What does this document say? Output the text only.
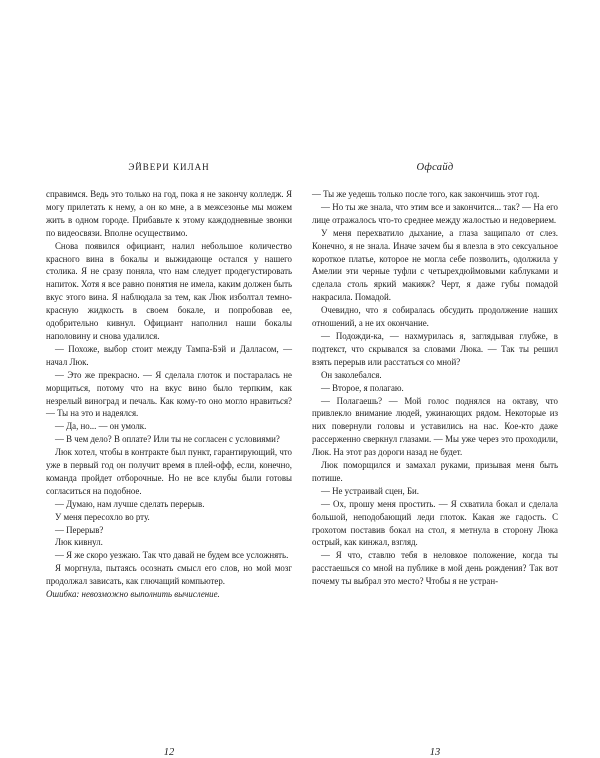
ЭЙВЕРИ КИЛАН

справимся. Ведь это только на год, пока я не закончу колледж. Я могу прилетать к нему, а он ко мне, а в межсезонье мы можем жить в одном городе. Прибавьте к этому каждодневные звонки по видеосвязи. Вполне осуществимо.

Снова появился официант, налил небольшое количество красного вина в бокалы и выжидающе остался у нашего столика. Я не сразу поняла, что нам следует продегустировать напиток. Хотя я все равно понятия не имела, каким должен быть вкус этого вина. Я наблюдала за тем, как Люк изболтал темно-красную жидкость в своем бокале, и попробовав ее, одобрительно кивнул. Официант наполнил наши бокалы наполовину и снова удалился.

— Похоже, выбор стоит между Тампа-Бэй и Далласом, — начал Люк.

— Это же прекрасно. — Я сделала глоток и постаралась не морщиться, потому что на вкус вино было терпким, как незрелый виноград и печаль. Как кому-то оно могло нравиться? — Ты на это и надеялся.

— Да, но... — он умолк.

— В чем дело? В оплате? Или ты не согласен с условиями?

Люк хотел, чтобы в контракте был пункт, гарантирующий, что уже в первый год он получит время в плей-офф, если, конечно, команда пройдет отборочные. Но не все клубы были готовы согласиться на подобное.

— Думаю, нам лучше сделать перерыв.

У меня пересохло во рту.

— Перерыв?

Люк кивнул.

— Я же скоро уезжаю. Так что давай не будем все усложнять.

Я моргнула, пытаясь осознать смысл его слов, но мой мозг продолжал зависать, как глючащий компьютер.

Ошибка: невозможно выполнить вычисление.

12
Офсайд

— Ты же уедешь только после того, как закончишь этот год.

— Но ты же знала, что этим все и закончится... так? — На его лице отражалось что-то среднее между жалостью и недоверием.

У меня перехватило дыхание, а глаза защипало от слез. Конечно, я не знала. Иначе зачем бы я влезла в это сексуальное короткое платье, которое не могла себе позволить, одолжила у Амелии эти черные туфли с четырехдюймовыми каблуками и сделала столь яркий макияж? Черт, я даже губы помадой накрасила. Помадой.

Очевидно, что я собиралась обсудить продолжение наших отношений, а не их окончание.

— Подожди-ка, — нахмурилась я, заглядывая глубже, в подтекст, что скрывался за словами Люка. — Так ты решил взять перерыв или расстаться со мной?

Он заколебался.

— Второе, я полагаю.

— Полагаешь? — Мой голос поднялся на октаву, что привлекло внимание людей, ужинающих рядом. Некоторые из них повернули головы и уставились на нас. Кое-кто даже рассерженно сверкнул глазами. — Мы уже через это проходили, Люк. На этот раз дороги назад не будет.

Люк поморщился и замахал руками, призывая меня быть потише.

— Не устраивай сцен, Би.

— Ох, прошу меня простить. — Я схватила бокал и сделала большой, неподобающий леди глоток. Какая же гадость. С грохотом поставив бокал на стол, я метнула в сторону Люка острый, как кинжал, взгляд.

— Я что, ставлю тебя в неловкое положение, когда ты расстаешься со мной на публике в мой день рождения? Так вот почему ты выбрал это место? Чтобы я не устран-

13
